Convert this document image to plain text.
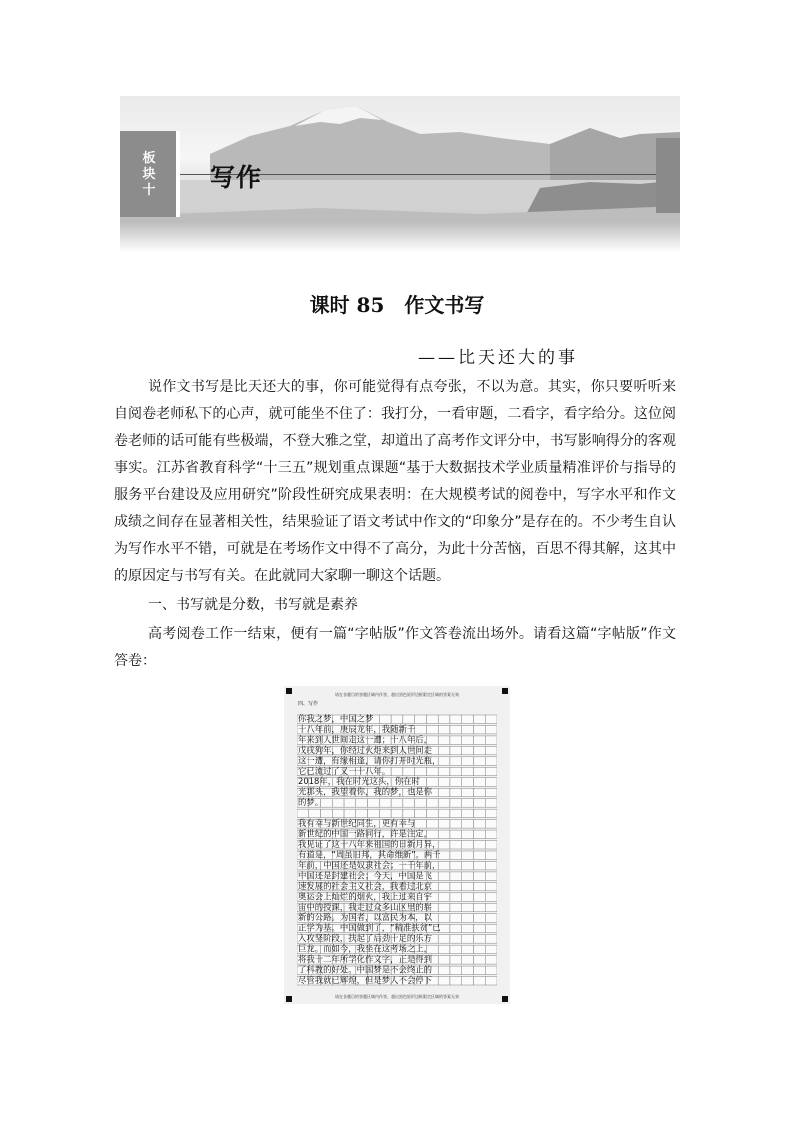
板块十 写作
课时 85　作文书写
——比天还大的事

说作文书写是比天还大的事，你可能觉得有点夸张，不以为意。其实，你只要听听来自阅卷老师私下的心声，就可能坐不住了：我打分，一看审题，二看字，看字给分。这位阅卷老师的话可能有些极端，不登大雅之堂，却道出了高考作文评分中，书写影响得分的客观事实。江苏省教育科学“十三五”规划重点课题“基于大数据技术学业质量精准评价与指导的服务平台建设及应用研究”阶段性研究成果表明：在大规模考试的阅卷中，写字水平和作文成绩之间存在显著相关性，结果验证了语文考试中作文的“印象分”是存在的。不少考生自认为写作水平不错，可就是在考场作文中得不了高分，为此十分苦恼，百思不得其解，这其中的原因定与书写有关。在此就同大家聊一聊这个话题。

一、书写就是分数，书写就是素养

高考阅卷工作一结束，便有一篇“字帖版”作文答卷流出场外。请看这篇“字帖版”作文答卷：

请在各题目的答题区域内作答，超出黑色矩形边框限定区域的答案无效
四、写作
你我之梦，中国之梦
十八年前，庚辰龙年，我随新千
年来到人世间走这一遭；十八年后，
戊戌狗年，你经过火炬来到人世间走
这一遭，有缘相逢，请你打开时光瓶，
它已流过了又一十八年。
2018年，我在时光这头，你在时
光那头，我望着你，我的梦，也是你
的梦。
我有幸与新世纪同生，更有幸与
新世纪的中国一路同行，许是注定，
我见证了这十八年来祖国的日新月异，
有道是，“周虽旧邦，其命维新”。两千
年前，中国还是奴隶社会；一千年前，
中国还是封建社会；今天，中国是飞
速发展的社会主义社会，我看过北京
奥运会上灿烂的烟火，我上过来自宇
宙中的授课，我走过众多山区里的崭
新的公路。为国者，以富民为本，以
正学为基。中国做到了，“精准扶贫”已
入攻坚阶段，扶起了后劲十足的乐方
巨龙。而如今，我坐在这考场之上，
将我十二年所学化作文字，正是得到
了科教的好处。中国梦是不会终止的
尽管我就已辉煌，但是梦人不会停下
请在各题目的答题区域内作答，超出黑色矩形边框限定区域的答案无效
